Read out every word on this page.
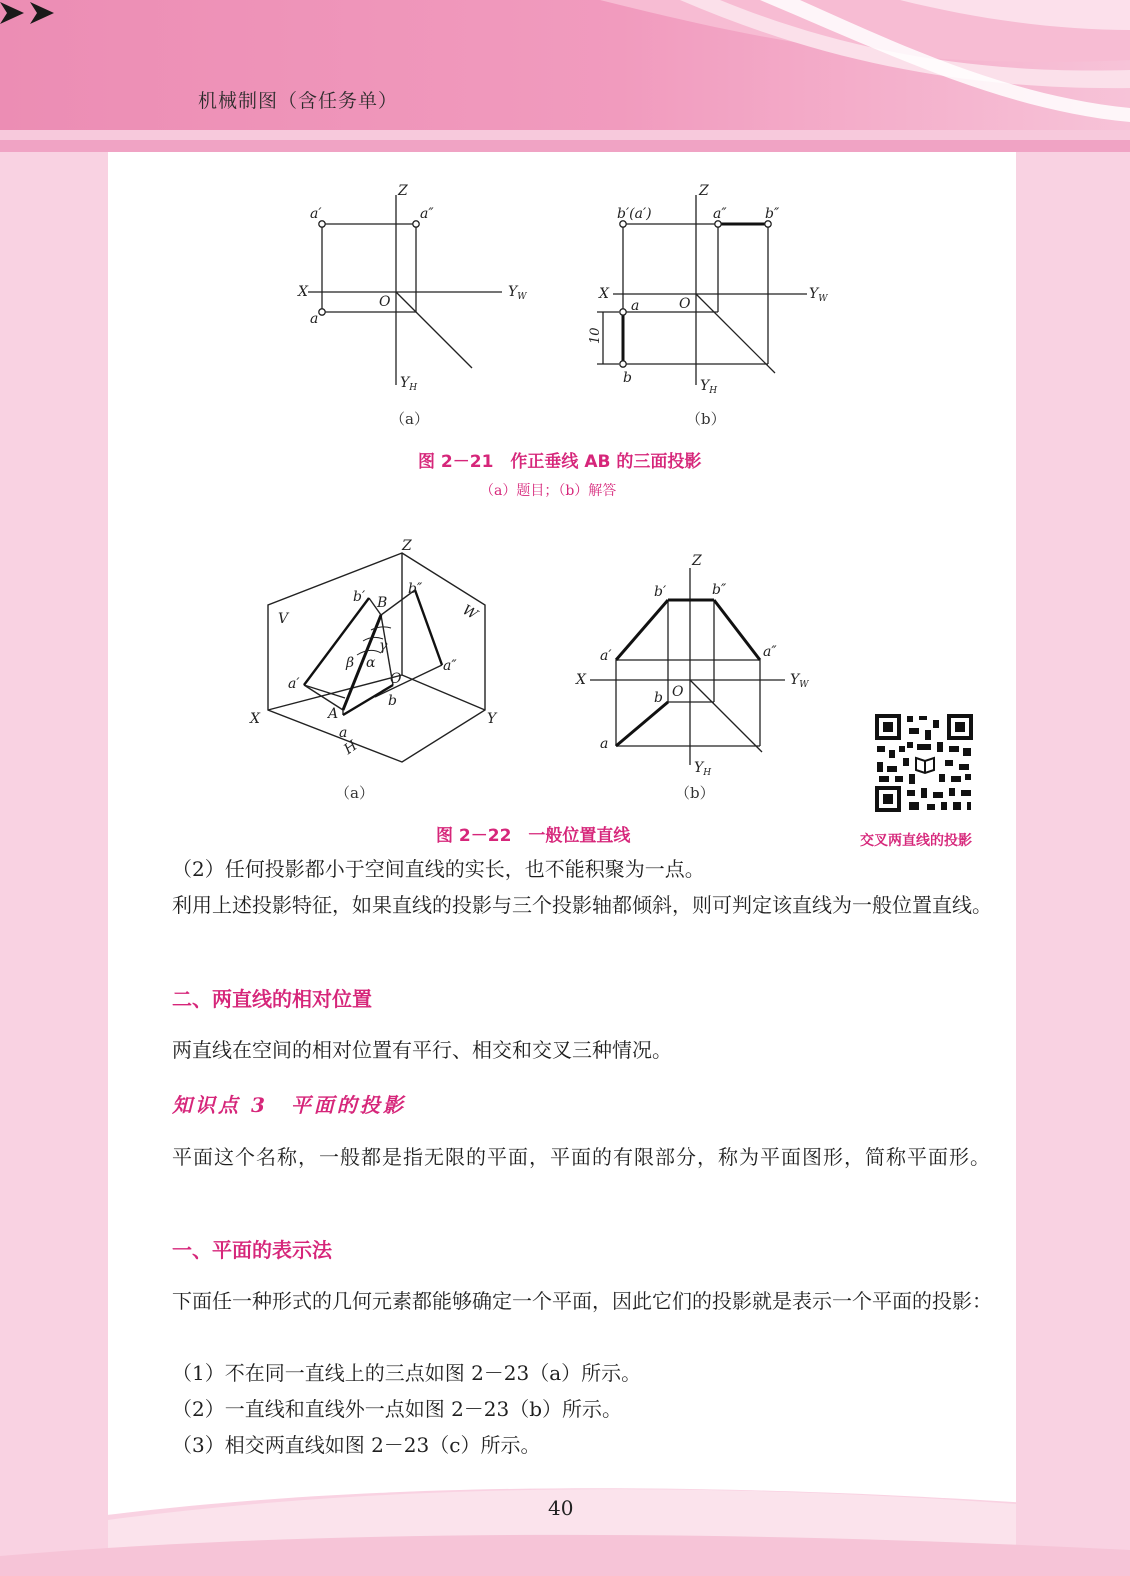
机械制图（含任务单）
Z
X	$Y_W$
$Y_H$
O
a′	a″
a
（a）
Z
X	$Y_W$
$Y_H$
O
b′(a′)	a″	b″
a
b
10
（b）
图 2－21　作正垂线 AB 的三面投影
（a）题目；（b）解答
Z
X	Y
V	W
H
O
A
B
a
b
a′
b′
a″
b″
α
β
γ
（a）
Z
X	$Y_W$
$Y_H$
O
a′
b′
a″
b″
a
b
（b）
图 2－22　一般位置直线	交叉两直线的投影
（2）任何投影都小于空间直线的实长，也不能积聚为一点。
利用上述投影特征，如果直线的投影与三个投影轴都倾斜，则可判定该直线为一般位置直线。
二、两直线的相对位置
两直线在空间的相对位置有平行、相交和交叉三种情况。
知识点 3　平面的投影
平面这个名称，一般都是指无限的平面，平面的有限部分，称为平面图形，简称平面形。
一、平面的表示法
下面任一种形式的几何元素都能够确定一个平面，因此它们的投影就是表示一个平面的投影：
（1）不在同一直线上的三点如图 2－23（a）所示。
（2）一直线和直线外一点如图 2－23（b）所示。
（3）相交两直线如图 2－23（c）所示。
40
